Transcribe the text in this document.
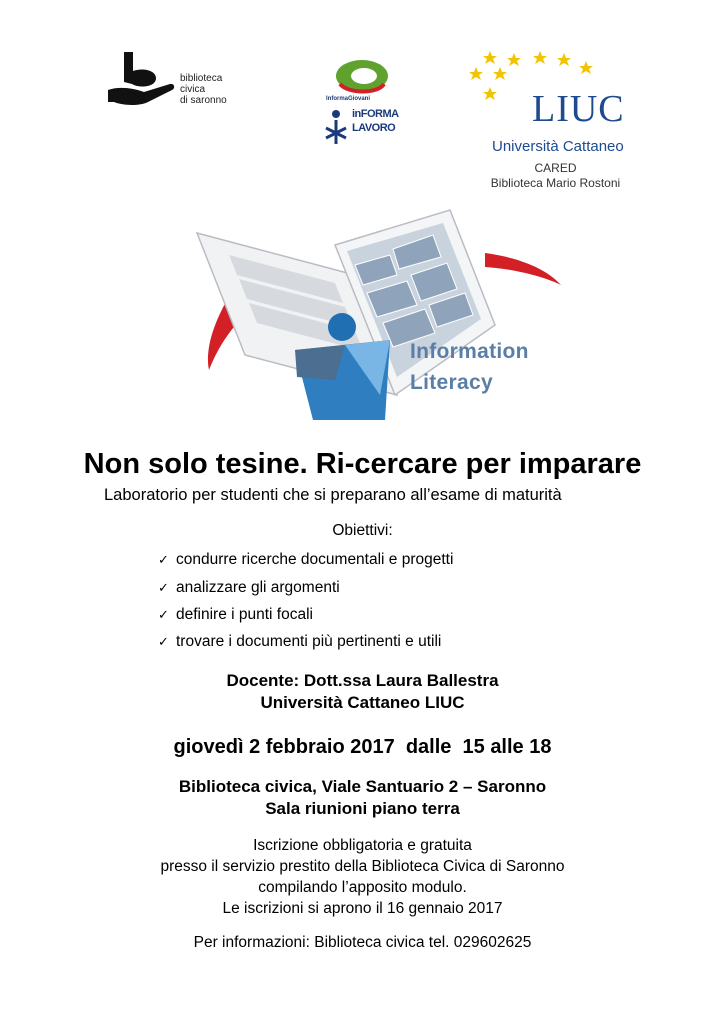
biblioteca
civica
di saronno	InformaGiovani
inFORMA
LAVORO	LIUC
Università Cattaneo
CARED
Biblioteca Mario Rostoni
Information
Literacy
Non solo tesine. Ri-cercare per imparare
Laboratorio per studenti che si preparano all’esame di maturità
Obiettivi:
✓ condurre ricerche documentali e progetti
✓ analizzare gli argomenti
✓ definire i punti focali
✓ trovare i documenti più pertinenti e utili
Docente: Dott.ssa Laura Ballestra
Università Cattaneo LIUC
giovedì 2 febbraio 2017  dalle  15 alle 18
Biblioteca civica, Viale Santuario 2 – Saronno
Sala riunioni piano terra
Iscrizione obbligatoria e gratuita
presso il servizio prestito della Biblioteca Civica di Saronno
compilando l’apposito modulo.
Le iscrizioni si aprono il 16 gennaio 2017
Per informazioni: Biblioteca civica tel. 029602625
